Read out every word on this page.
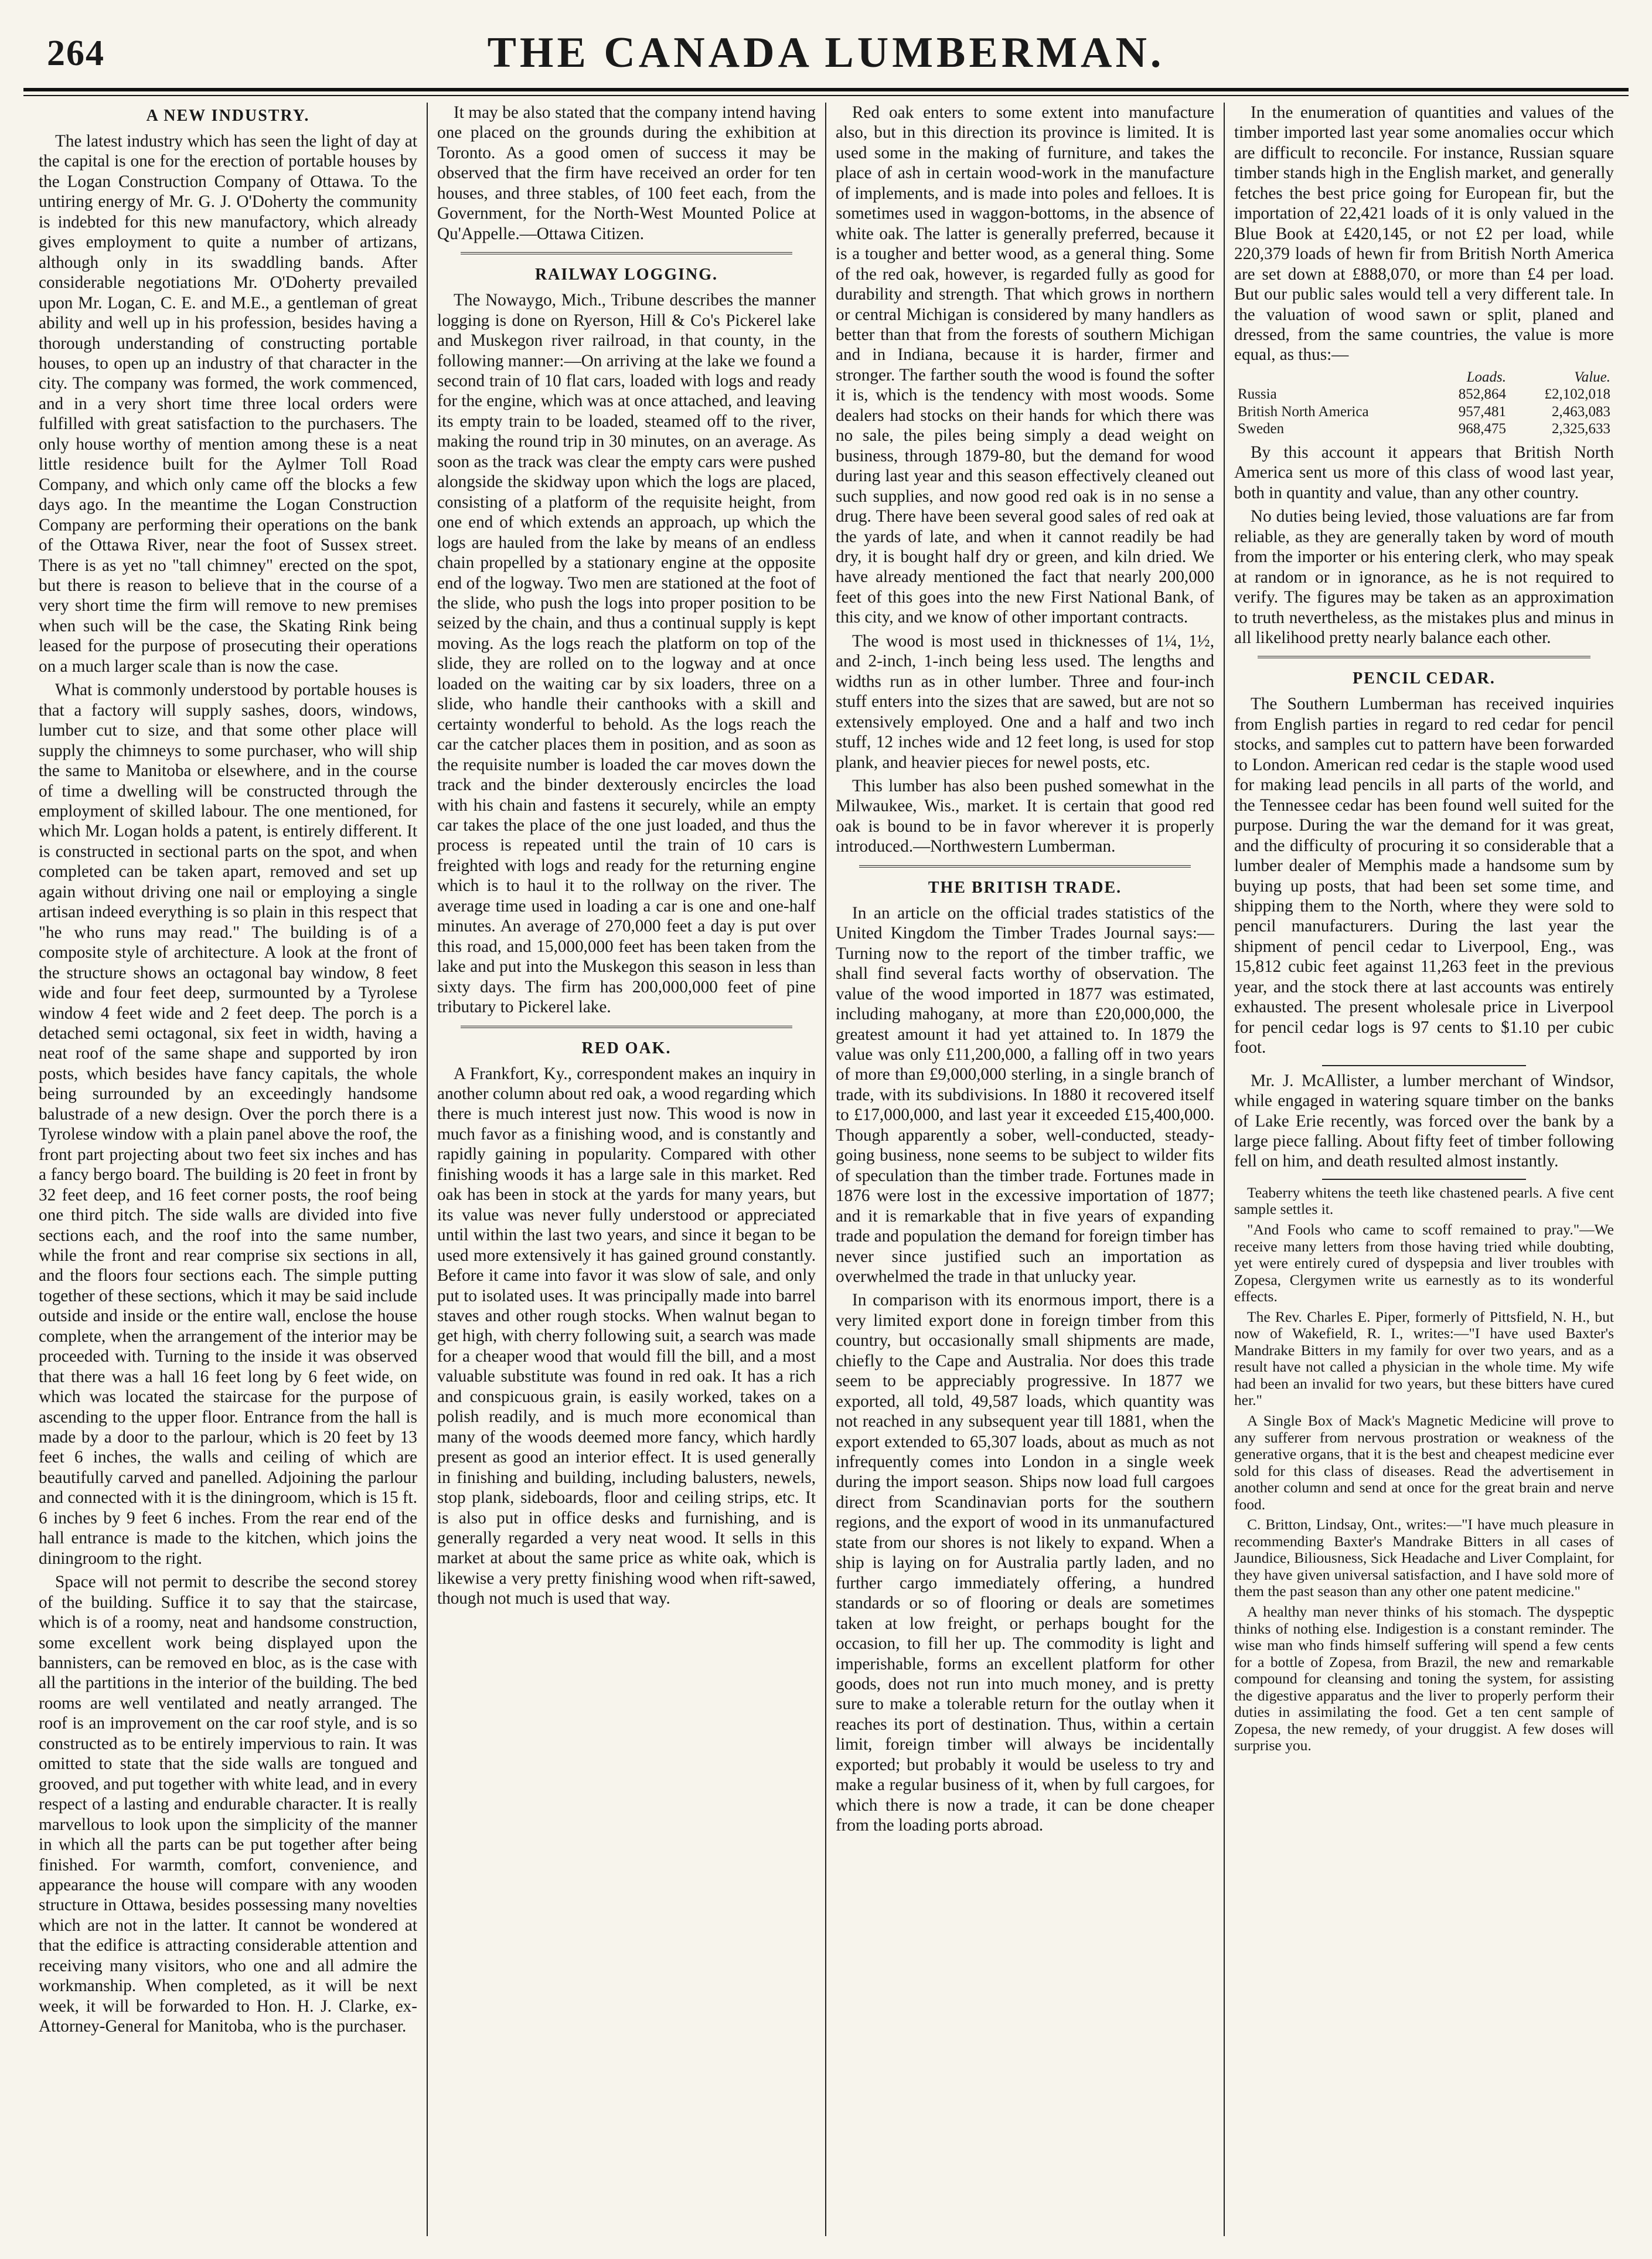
264	THE CANADA LUMBERMAN.
A NEW INDUSTRY.

The latest industry which has seen the light of day at the capital is one for the erection of portable houses by the Logan Construction Company of Ottawa. To the untiring energy of Mr. G. J. O'Doherty the community is indebted for this new manufactory, which already gives employment to quite a number of artizans, although only in its swaddling bands. After considerable negotiations Mr. O'Doherty prevailed upon Mr. Logan, C. E. and M.E., a gentleman of great ability and well up in his profession, besides having a thorough understanding of constructing portable houses, to open up an industry of that character in the city. The company was formed, the work commenced, and in a very short time three local orders were fulfilled with great satisfaction to the purchasers. The only house worthy of mention among these is a neat little residence built for the Aylmer Toll Road Company, and which only came off the blocks a few days ago. In the meantime the Logan Construction Company are performing their operations on the bank of the Ottawa River, near the foot of Sussex street. There is as yet no "tall chimney" erected on the spot, but there is reason to believe that in the course of a very short time the firm will remove to new premises when such will be the case, the Skating Rink being leased for the purpose of prosecuting their operations on a much larger scale than is now the case.

What is commonly understood by portable houses is that a factory will supply sashes, doors, windows, lumber cut to size, and that some other place will supply the chimneys to some purchaser, who will ship the same to Manitoba or elsewhere, and in the course of time a dwelling will be constructed through the employment of skilled labour. The one mentioned, for which Mr. Logan holds a patent, is entirely different. It is constructed in sectional parts on the spot, and when completed can be taken apart, removed and set up again without driving one nail or employing a single artisan indeed everything is so plain in this respect that "he who runs may read." The building is of a composite style of architecture. A look at the front of the structure shows an octagonal bay window, 8 feet wide and four feet deep, surmounted by a Tyrolese window 4 feet wide and 2 feet deep. The porch is a detached semi octagonal, six feet in width, having a neat roof of the same shape and supported by iron posts, which besides have fancy capitals, the whole being surrounded by an exceedingly handsome balustrade of a new design. Over the porch there is a Tyrolese window with a plain panel above the roof, the front part projecting about two feet six inches and has a fancy bergo board. The building is 20 feet in front by 32 feet deep, and 16 feet corner posts, the roof being one third pitch. The side walls are divided into five sections each, and the roof into the same number, while the front and rear comprise six sections in all, and the floors four sections each. The simple putting together of these sections, which it may be said include outside and inside or the entire wall, enclose the house complete, when the arrangement of the interior may be proceeded with. Turning to the inside it was observed that there was a hall 16 feet long by 6 feet wide, on which was located the staircase for the purpose of ascending to the upper floor. Entrance from the hall is made by a door to the parlour, which is 20 feet by 13 feet 6 inches, the walls and ceiling of which are beautifully carved and panelled. Adjoining the parlour and connected with it is the diningroom, which is 15 ft. 6 inches by 9 feet 6 inches. From the rear end of the hall entrance is made to the kitchen, which joins the diningroom to the right.

Space will not permit to describe the second storey of the building. Suffice it to say that the staircase, which is of a roomy, neat and handsome construction, some excellent work being displayed upon the bannisters, can be removed en bloc, as is the case with all the partitions in the interior of the building. The bed rooms are well ventilated and neatly arranged. The roof is an improvement on the car roof style, and is so constructed as to be entirely impervious to rain. It was omitted to state that the side walls are tongued and grooved, and put together with white lead, and in every respect of a lasting and endurable character. It is really marvellous to look upon the simplicity of the manner in which all the parts can be put together after being finished. For warmth, comfort, convenience, and appearance the house will compare with any wooden structure in Ottawa, besides possessing many novelties which are not in the latter. It cannot be wondered at that the edifice is attracting considerable attention and receiving many visitors, who one and all admire the workmanship. When completed, as it will be next week, it will be forwarded to Hon. H. J. Clarke, ex-Attorney-General for Manitoba, who is the purchaser.

It may be also stated that the company intend having one placed on the grounds during the exhibition at Toronto. As a good omen of success it may be observed that the firm have received an order for ten houses, and three stables, of 100 feet each, from the Government, for the North-West Mounted Police at Qu'Appelle.—Ottawa Citizen.

RAILWAY LOGGING.

The Nowaygo, Mich., Tribune describes the manner logging is done on Ryerson, Hill & Co's Pickerel lake and Muskegon river railroad, in that county, in the following manner:—On arriving at the lake we found a second train of 10 flat cars, loaded with logs and ready for the engine, which was at once attached, and leaving its empty train to be loaded, steamed off to the river, making the round trip in 30 minutes, on an average. As soon as the track was clear the empty cars were pushed alongside the skidway upon which the logs are placed, consisting of a platform of the requisite height, from one end of which extends an approach, up which the logs are hauled from the lake by means of an endless chain propelled by a stationary engine at the opposite end of the logway. Two men are stationed at the foot of the slide, who push the logs into proper position to be seized by the chain, and thus a continual supply is kept moving. As the logs reach the platform on top of the slide, they are rolled on to the logway and at once loaded on the waiting car by six loaders, three on a slide, who handle their canthooks with a skill and certainty wonderful to behold. As the logs reach the car the catcher places them in position, and as soon as the requisite number is loaded the car moves down the track and the binder dexterously encircles the load with his chain and fastens it securely, while an empty car takes the place of the one just loaded, and thus the process is repeated until the train of 10 cars is freighted with logs and ready for the returning engine which is to haul it to the rollway on the river. The average time used in loading a car is one and one-half minutes. An average of 270,000 feet a day is put over this road, and 15,000,000 feet has been taken from the lake and put into the Muskegon this season in less than sixty days. The firm has 200,000,000 feet of pine tributary to Pickerel lake.

RED OAK.

A Frankfort, Ky., correspondent makes an inquiry in another column about red oak, a wood regarding which there is much interest just now. This wood is now in much favor as a finishing wood, and is constantly and rapidly gaining in popularity. Compared with other finishing woods it has a large sale in this market. Red oak has been in stock at the yards for many years, but its value was never fully understood or appreciated until within the last two years, and since it began to be used more extensively it has gained ground constantly. Before it came into favor it was slow of sale, and only put to isolated uses. It was principally made into barrel staves and other rough stocks. When walnut began to get high, with cherry following suit, a search was made for a cheaper wood that would fill the bill, and a most valuable substitute was found in red oak. It has a rich and conspicuous grain, is easily worked, takes on a polish readily, and is much more economical than many of the woods deemed more fancy, which hardly present as good an interior effect. It is used generally in finishing and building, including balusters, newels, stop plank, sideboards, floor and ceiling strips, etc. It is also put in office desks and furnishing, and is generally regarded a very neat wood. It sells in this market at about the same price as white oak, which is likewise a very pretty finishing wood when rift-sawed, though not much is used that way.

Red oak enters to some extent into manufacture also, but in this direction its province is limited. It is used some in the making of furniture, and takes the place of ash in certain wood-work in the manufacture of implements, and is made into poles and felloes. It is sometimes used in waggon-bottoms, in the absence of white oak. The latter is generally preferred, because it is a tougher and better wood, as a general thing. Some of the red oak, however, is regarded fully as good for durability and strength. That which grows in northern or central Michigan is considered by many handlers as better than that from the forests of southern Michigan and in Indiana, because it is harder, firmer and stronger. The farther south the wood is found the softer it is, which is the tendency with most woods. Some dealers had stocks on their hands for which there was no sale, the piles being simply a dead weight on business, through 1879-80, but the demand for wood during last year and this season effectively cleaned out such supplies, and now good red oak is in no sense a drug. There have been several good sales of red oak at the yards of late, and when it cannot readily be had dry, it is bought half dry or green, and kiln dried. We have already mentioned the fact that nearly 200,000 feet of this goes into the new First National Bank, of this city, and we know of other important contracts.

The wood is most used in thicknesses of 1¼, 1½, and 2-inch, 1-inch being less used. The lengths and widths run as in other lumber. Three and four-inch stuff enters into the sizes that are sawed, but are not so extensively employed. One and a half and two inch stuff, 12 inches wide and 12 feet long, is used for stop plank, and heavier pieces for newel posts, etc.

This lumber has also been pushed somewhat in the Milwaukee, Wis., market. It is certain that good red oak is bound to be in favor wherever it is properly introduced.—Northwestern Lumberman.

THE BRITISH TRADE.

In an article on the official trades statistics of the United Kingdom the Timber Trades Journal says:—Turning now to the report of the timber traffic, we shall find several facts worthy of observation. The value of the wood imported in 1877 was estimated, including mahogany, at more than £20,000,000, the greatest amount it had yet attained to. In 1879 the value was only £11,200,000, a falling off in two years of more than £9,000,000 sterling, in a single branch of trade, with its subdivisions. In 1880 it recovered itself to £17,000,000, and last year it exceeded £15,400,000. Though apparently a sober, well-conducted, steady-going business, none seems to be subject to wilder fits of speculation than the timber trade. Fortunes made in 1876 were lost in the excessive importation of 1877; and it is remarkable that in five years of expanding trade and population the demand for foreign timber has never since justified such an importation as overwhelmed the trade in that unlucky year.

In comparison with its enormous import, there is a very limited export done in foreign timber from this country, but occasionally small shipments are made, chiefly to the Cape and Australia. Nor does this trade seem to be appreciably progressive. In 1877 we exported, all told, 49,587 loads, which quantity was not reached in any subsequent year till 1881, when the export extended to 65,307 loads, about as much as not infrequently comes into London in a single week during the import season. Ships now load full cargoes direct from Scandinavian ports for the southern regions, and the export of wood in its unmanufactured state from our shores is not likely to expand. When a ship is laying on for Australia partly laden, and no further cargo immediately offering, a hundred standards or so of flooring or deals are sometimes taken at low freight, or perhaps bought for the occasion, to fill her up. The commodity is light and imperishable, forms an excellent platform for other goods, does not run into much money, and is pretty sure to make a tolerable return for the outlay when it reaches its port of destination. Thus, within a certain limit, foreign timber will always be incidentally exported; but probably it would be useless to try and make a regular business of it, when by full cargoes, for which there is now a trade, it can be done cheaper from the loading ports abroad.

In the enumeration of quantities and values of the timber imported last year some anomalies occur which are difficult to reconcile. For instance, Russian square timber stands high in the English market, and generally fetches the best price going for European fir, but the importation of 22,421 loads of it is only valued in the Blue Book at £420,145, or not £2 per load, while 220,379 loads of hewn fir from British North America are set down at £888,070, or more than £4 per load. But our public sales would tell a very different tale. In the valuation of wood sawn or split, planed and dressed, from the same countries, the value is more equal, as thus:—

	Loads.	Value.
Russia	852,864	£2,102,018
British North America	957,481	2,463,083
Sweden	968,475	2,325,633

By this account it appears that British North America sent us more of this class of wood last year, both in quantity and value, than any other country.

No duties being levied, those valuations are far from reliable, as they are generally taken by word of mouth from the importer or his entering clerk, who may speak at random or in ignorance, as he is not required to verify. The figures may be taken as an approximation to truth nevertheless, as the mistakes plus and minus in all likelihood pretty nearly balance each other.

PENCIL CEDAR.

The Southern Lumberman has received inquiries from English parties in regard to red cedar for pencil stocks, and samples cut to pattern have been forwarded to London. American red cedar is the staple wood used for making lead pencils in all parts of the world, and the Tennessee cedar has been found well suited for the purpose. During the war the demand for it was great, and the difficulty of procuring it so considerable that a lumber dealer of Memphis made a handsome sum by buying up posts, that had been set some time, and shipping them to the North, where they were sold to pencil manufacturers. During the last year the shipment of pencil cedar to Liverpool, Eng., was 15,812 cubic feet against 11,263 feet in the previous year, and the stock there at last accounts was entirely exhausted. The present wholesale price in Liverpool for pencil cedar logs is 97 cents to $1.10 per cubic foot.

Mr. J. McAllister, a lumber merchant of Windsor, while engaged in watering square timber on the banks of Lake Erie recently, was forced over the bank by a large piece falling. About fifty feet of timber following fell on him, and death resulted almost instantly.

Teaberry whitens the teeth like chastened pearls. A five cent sample settles it.

"And Fools who came to scoff remained to pray."—We receive many letters from those having tried while doubting, yet were entirely cured of dyspepsia and liver troubles with Zopesa, Clergymen write us earnestly as to its wonderful effects.

The Rev. Charles E. Piper, formerly of Pittsfield, N. H., but now of Wakefield, R. I., writes:—"I have used Baxter's Mandrake Bitters in my family for over two years, and as a result have not called a physician in the whole time. My wife had been an invalid for two years, but these bitters have cured her."

A Single Box of Mack's Magnetic Medicine will prove to any sufferer from nervous prostration or weakness of the generative organs, that it is the best and cheapest medicine ever sold for this class of diseases. Read the advertisement in another column and send at once for the great brain and nerve food.

C. Britton, Lindsay, Ont., writes:—"I have much pleasure in recommending Baxter's Mandrake Bitters in all cases of Jaundice, Biliousness, Sick Headache and Liver Complaint, for they have given universal satisfaction, and I have sold more of them the past season than any other one patent medicine."

A healthy man never thinks of his stomach. The dyspeptic thinks of nothing else. Indigestion is a constant reminder. The wise man who finds himself suffering will spend a few cents for a bottle of Zopesa, from Brazil, the new and remarkable compound for cleansing and toning the system, for assisting the digestive apparatus and the liver to properly perform their duties in assimilating the food. Get a ten cent sample of Zopesa, the new remedy, of your druggist. A few doses will surprise you.
